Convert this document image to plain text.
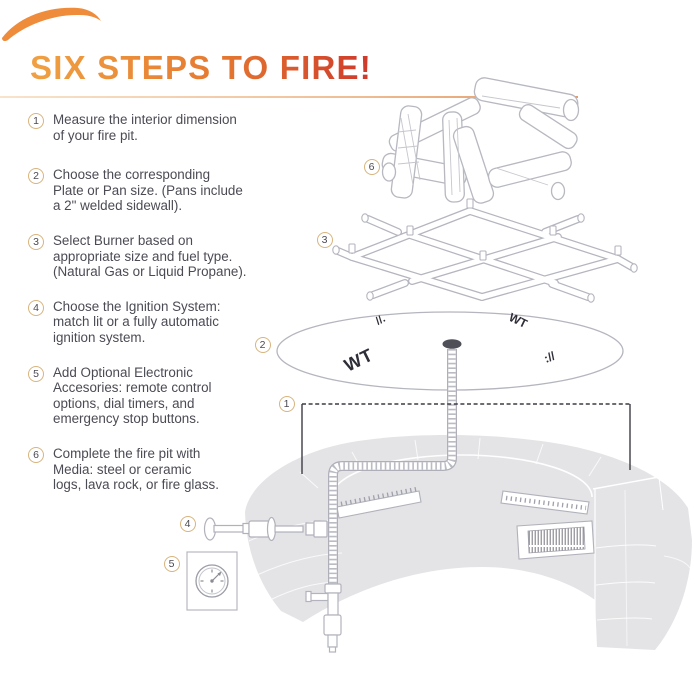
SIX STEPS TO FIRE!
1	Measure the interior dimension
of your fire pit.
2	Choose the corresponding
Plate or Pan size. (Pans include
a 2" welded sidewall).
3	Select Burner based on
appropriate size and fuel type.
(Natural Gas or Liquid Propane).
4	Choose the Ignition System:
match lit or a fully automatic
ignition system.
5	Add Optional Electronic
Accesories: remote control
options, dial timers, and
emergency stop buttons.
6	Complete the fire pit with
Media: steel or ceramic
logs, lava rock, or fire glass.
//.	WT
WT	://
1
2
3
4
5
6
